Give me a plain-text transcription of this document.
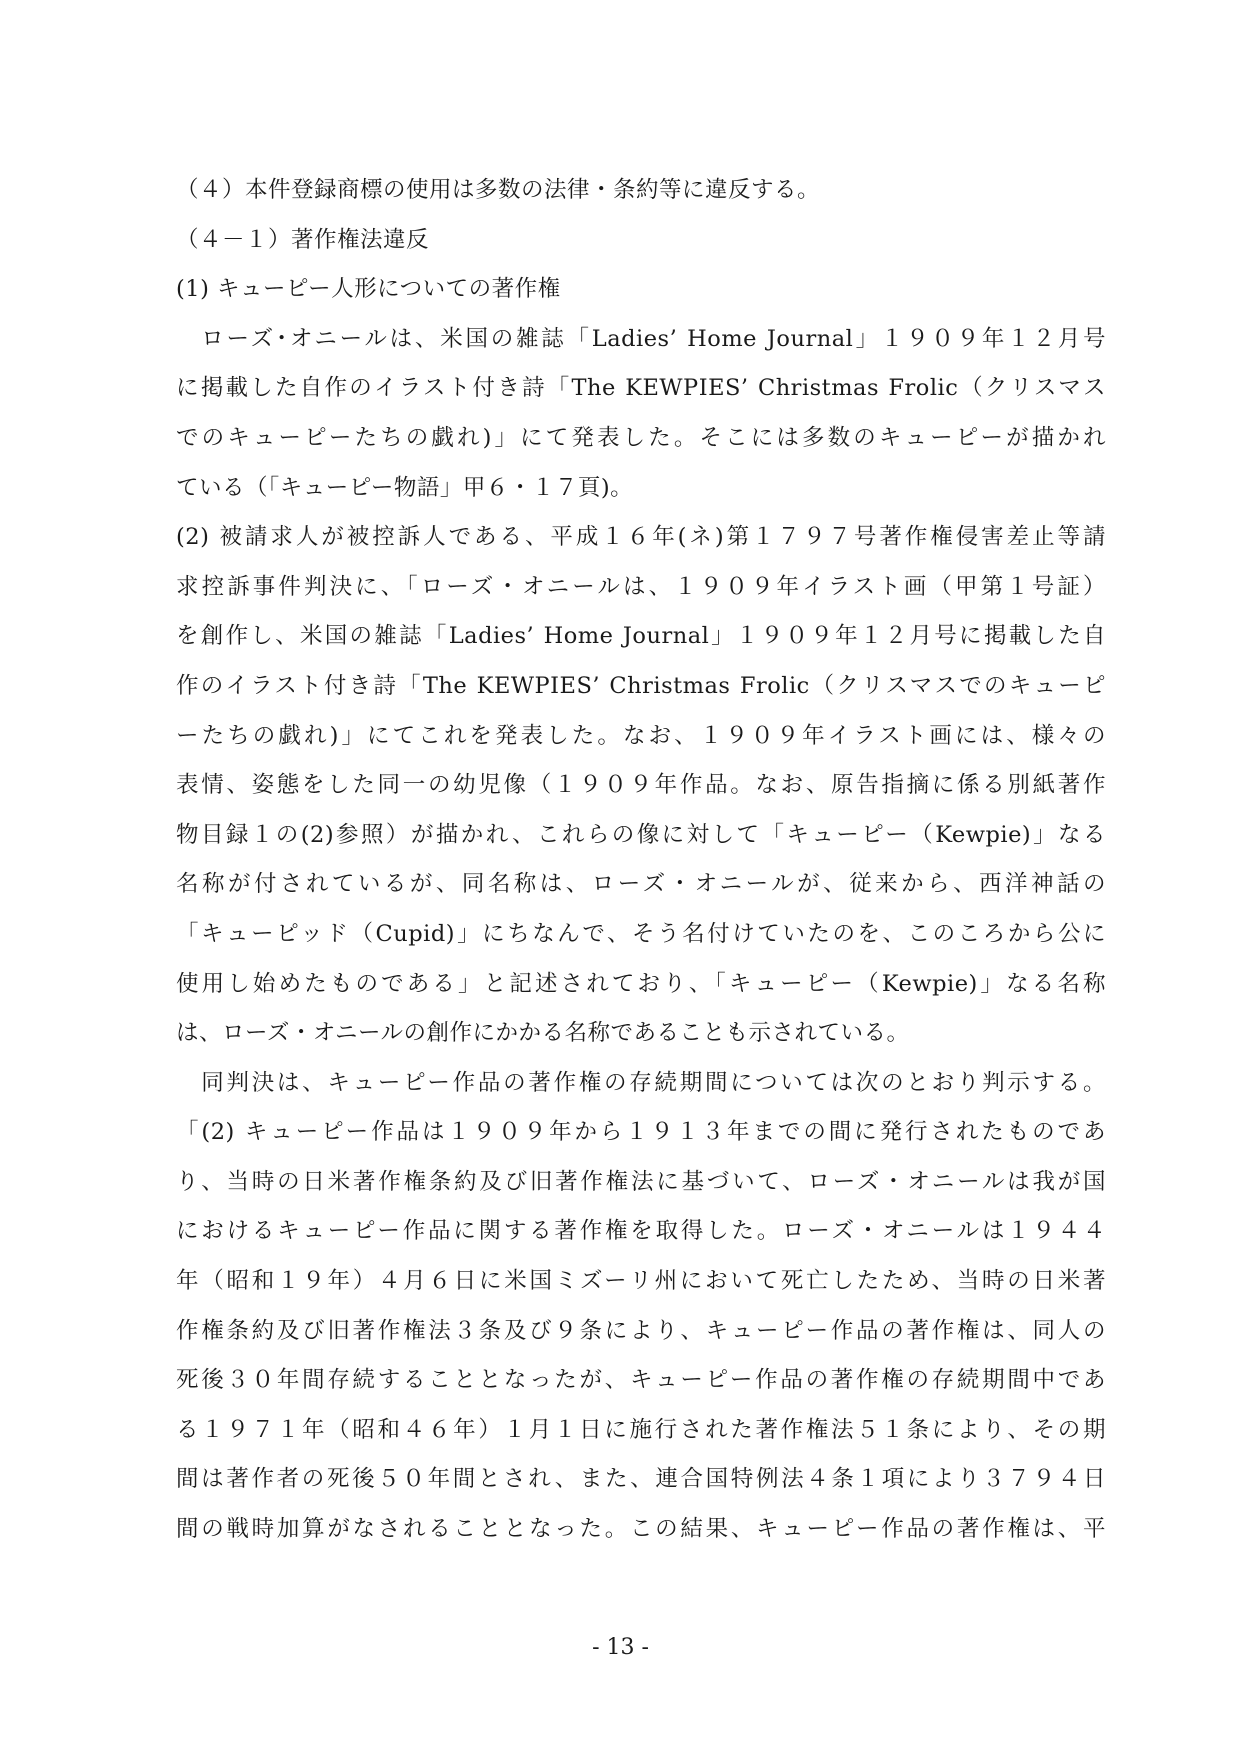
（４）本件登録商標の使用は多数の法律・条約等に違反する。
（４－１）著作権法違反
(1) キューピー人形についての著作権
　ローズ･オニールは、米国の雑誌「Ladies’ Home Journal」１９０９年１２月号
に掲載した自作のイラスト付き詩「The KEWPIES’ Christmas Frolic（クリスマス
でのキューピーたちの戯れ)」にて発表した。そこには多数のキューピーが描かれ
ている（「キューピー物語」甲６・１７頁)。
(2) 被請求人が被控訴人である、平成１６年(ネ)第１７９７号著作権侵害差止等請
求控訴事件判決に、「ローズ・オニールは、１９０９年イラスト画（甲第１号証）
を創作し、米国の雑誌「Ladies’ Home Journal」１９０９年１２月号に掲載した自
作のイラスト付き詩「The KEWPIES’ Christmas Frolic（クリスマスでのキューピ
ーたちの戯れ)」にてこれを発表した。なお、１９０９年イラスト画には、様々の
表情、姿態をした同一の幼児像（１９０９年作品。なお、原告指摘に係る別紙著作
物目録１の(2)参照）が描かれ、これらの像に対して「キューピー（Kewpie)」なる
名称が付されているが、同名称は、ローズ・オニールが、従来から、西洋神話の
「キューピッド（Cupid)」にちなんで、そう名付けていたのを、このころから公に
使用し始めたものである」と記述されており、「キューピー（Kewpie)」なる名称
は、ローズ・オニールの創作にかかる名称であることも示されている。
　同判決は、キューピー作品の著作権の存続期間については次のとおり判示する。
「(2) キューピー作品は１９０９年から１９１３年までの間に発行されたものであ
り、当時の日米著作権条約及び旧著作権法に基づいて、ローズ・オニールは我が国
におけるキューピー作品に関する著作権を取得した。ローズ・オニールは１９４４
年（昭和１９年）４月６日に米国ミズーリ州において死亡したため、当時の日米著
作権条約及び旧著作権法３条及び９条により、キューピー作品の著作権は、同人の
死後３０年間存続することとなったが、キューピー作品の著作権の存続期間中であ
る１９７１年（昭和４６年）１月１日に施行された著作権法５１条により、その期
間は著作者の死後５０年間とされ、また、連合国特例法４条１項により３７９４日
間の戦時加算がなされることとなった。この結果、キューピー作品の著作権は、平
- 13 -
